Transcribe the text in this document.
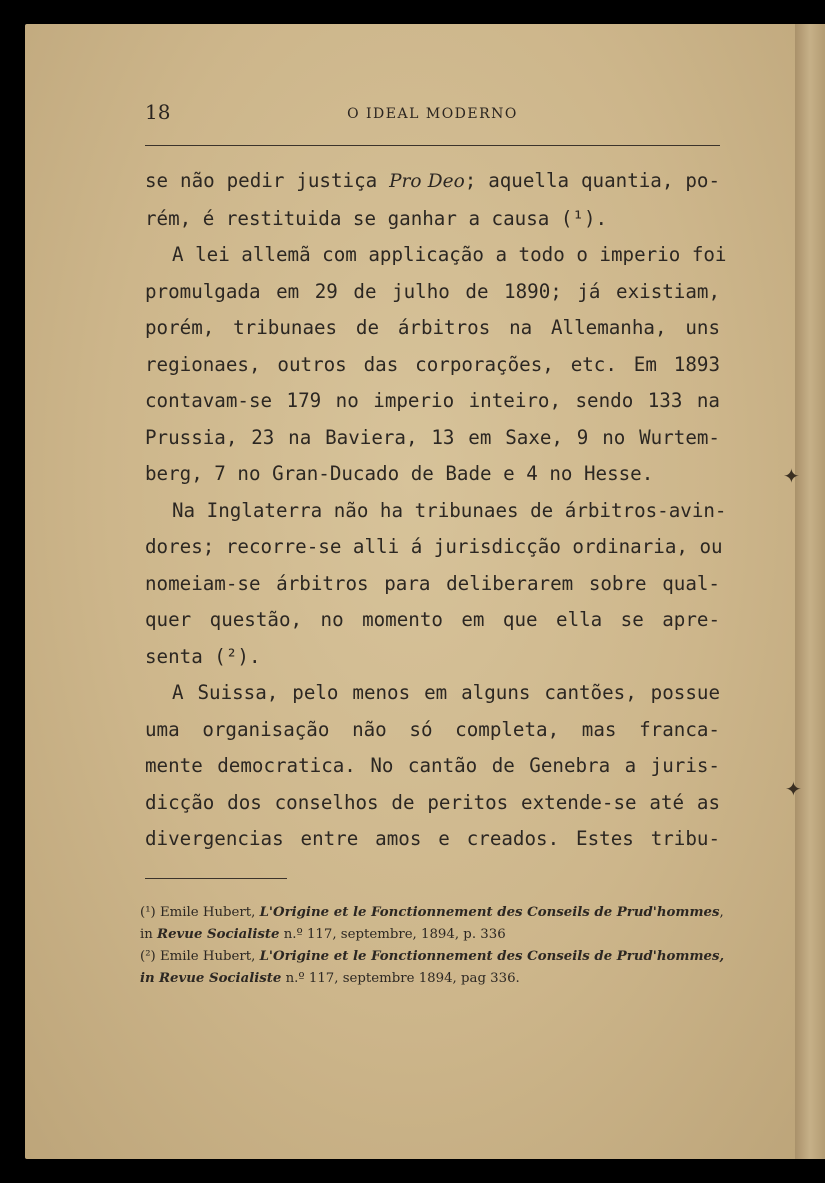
✦
✦
18	O IDEAL MODERNO
se não pedir justiça Pro Deo; aquella quantia, po-
rém, é restituida se ganhar a causa (¹).
A lei allemã com applicação a todo o imperio foi
promulgada em 29 de julho de 1890; já existiam,
porém, tribunaes de árbitros na Allemanha, uns
regionaes, outros das corporações, etc. Em 1893
contavam-se 179 no imperio inteiro, sendo 133 na
Prussia, 23 na Baviera, 13 em Saxe, 9 no Wurtem-
berg, 7 no Gran-Ducado de Bade e 4 no Hesse.
Na Inglaterra não ha tribunaes de árbitros-avin-
dores; recorre-se alli á jurisdicção ordinaria, ou
nomeiam-se árbitros para deliberarem sobre qual-
quer questão, no momento em que ella se apre-
senta (²).
A Suissa, pelo menos em alguns cantões, possue
uma organisação não só completa, mas franca-
mente democratica. No cantão de Genebra a juris-
dicção dos conselhos de peritos extende-se até as
divergencias entre amos e creados. Estes tribu-
(¹) Emile Hubert, L'Origine et le Fonctionnement des Conseils de Prud'hommes, in Revue Socialiste n.º 117, septembre, 1894, p. 336
(²) Emile Hubert, L'Origine et le Fonctionnement des Conseils de Prud'hommes, in Revue Socialiste n.º 117, septembre 1894, pag 336.
